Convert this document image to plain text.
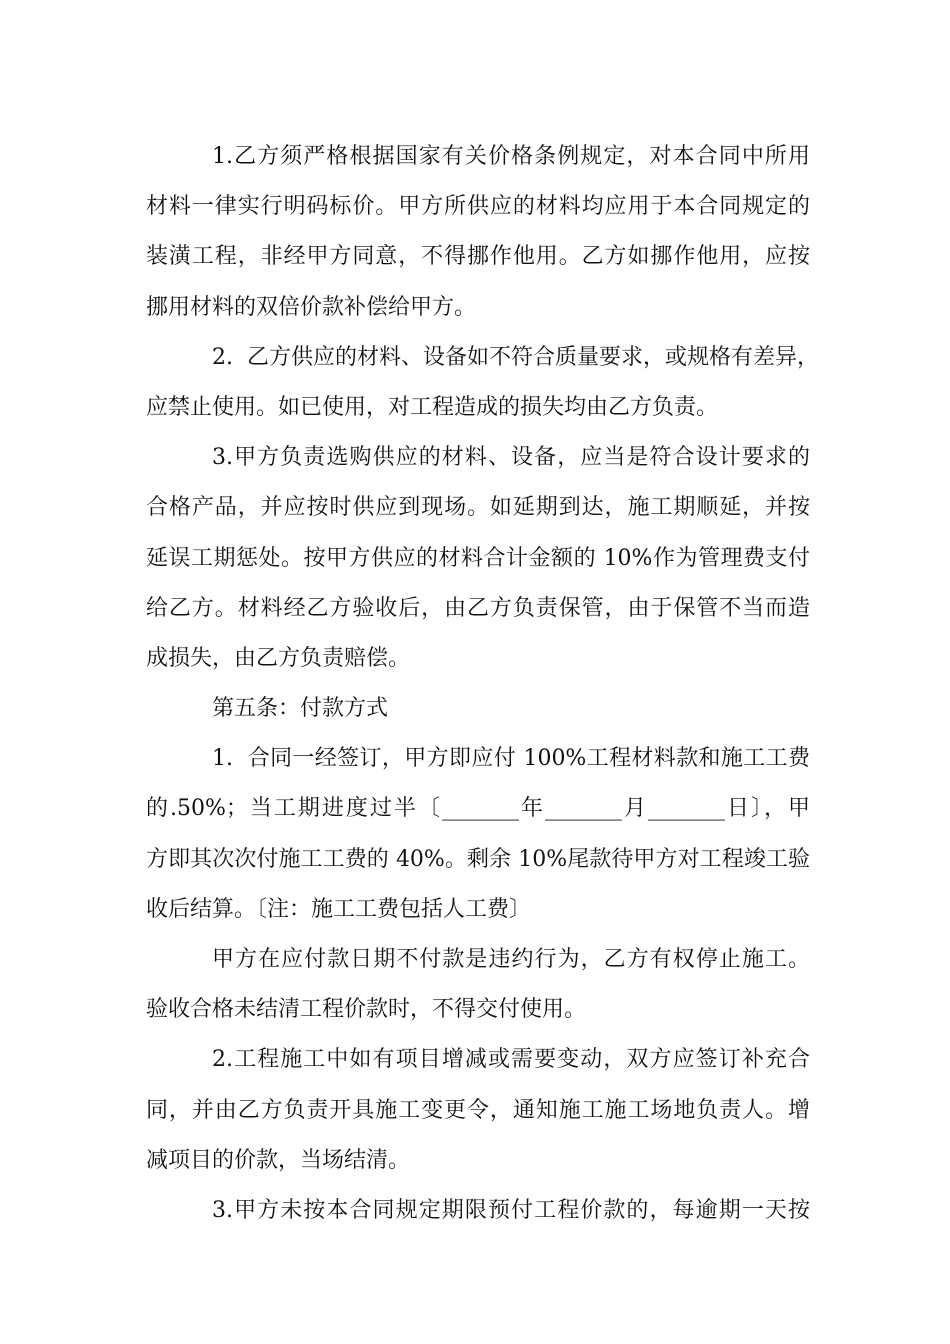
1.乙方须严格根据国家有关价格条例规定，对本合同中所用
材料一律实行明码标价。甲方所供应的材料均应用于本合同规定的
装潢工程，非经甲方同意，不得挪作他用。乙方如挪作他用，应按
挪用材料的双倍价款补偿给甲方。
2.  乙方供应的材料、设备如不符合质量要求，或规格有差异，
应禁止使用。如已使用，对工程造成的损失均由乙方负责。
3.甲方负责选购供应的材料、设备，应当是符合设计要求的
合格产品，并应按时供应到现场。如延期到达，施工期顺延，并按
延误工期惩处。按甲方供应的材料合计金额的 10%作为管理费支付
给乙方。材料经乙方验收后，由乙方负责保管，由于保管不当而造
成损失，由乙方负责赔偿。
第五条：付款方式
1.  合同一经签订，甲方即应付 100%工程材料款和施工工费
的.50%；当工期进度过半〔_______年_______月_______日〕，甲
方即其次次付施工工费的 40%。剩余 10%尾款待甲方对工程竣工验
收后结算。〔注：施工工费包括人工费〕
甲方在应付款日期不付款是违约行为，乙方有权停止施工。
验收合格未结清工程价款时，不得交付使用。
2.工程施工中如有项目增减或需要变动，双方应签订补充合
同，并由乙方负责开具施工变更令，通知施工施工场地负责人。增
减项目的价款，当场结清。
3.甲方未按本合同规定期限预付工程价款的，每逾期一天按
